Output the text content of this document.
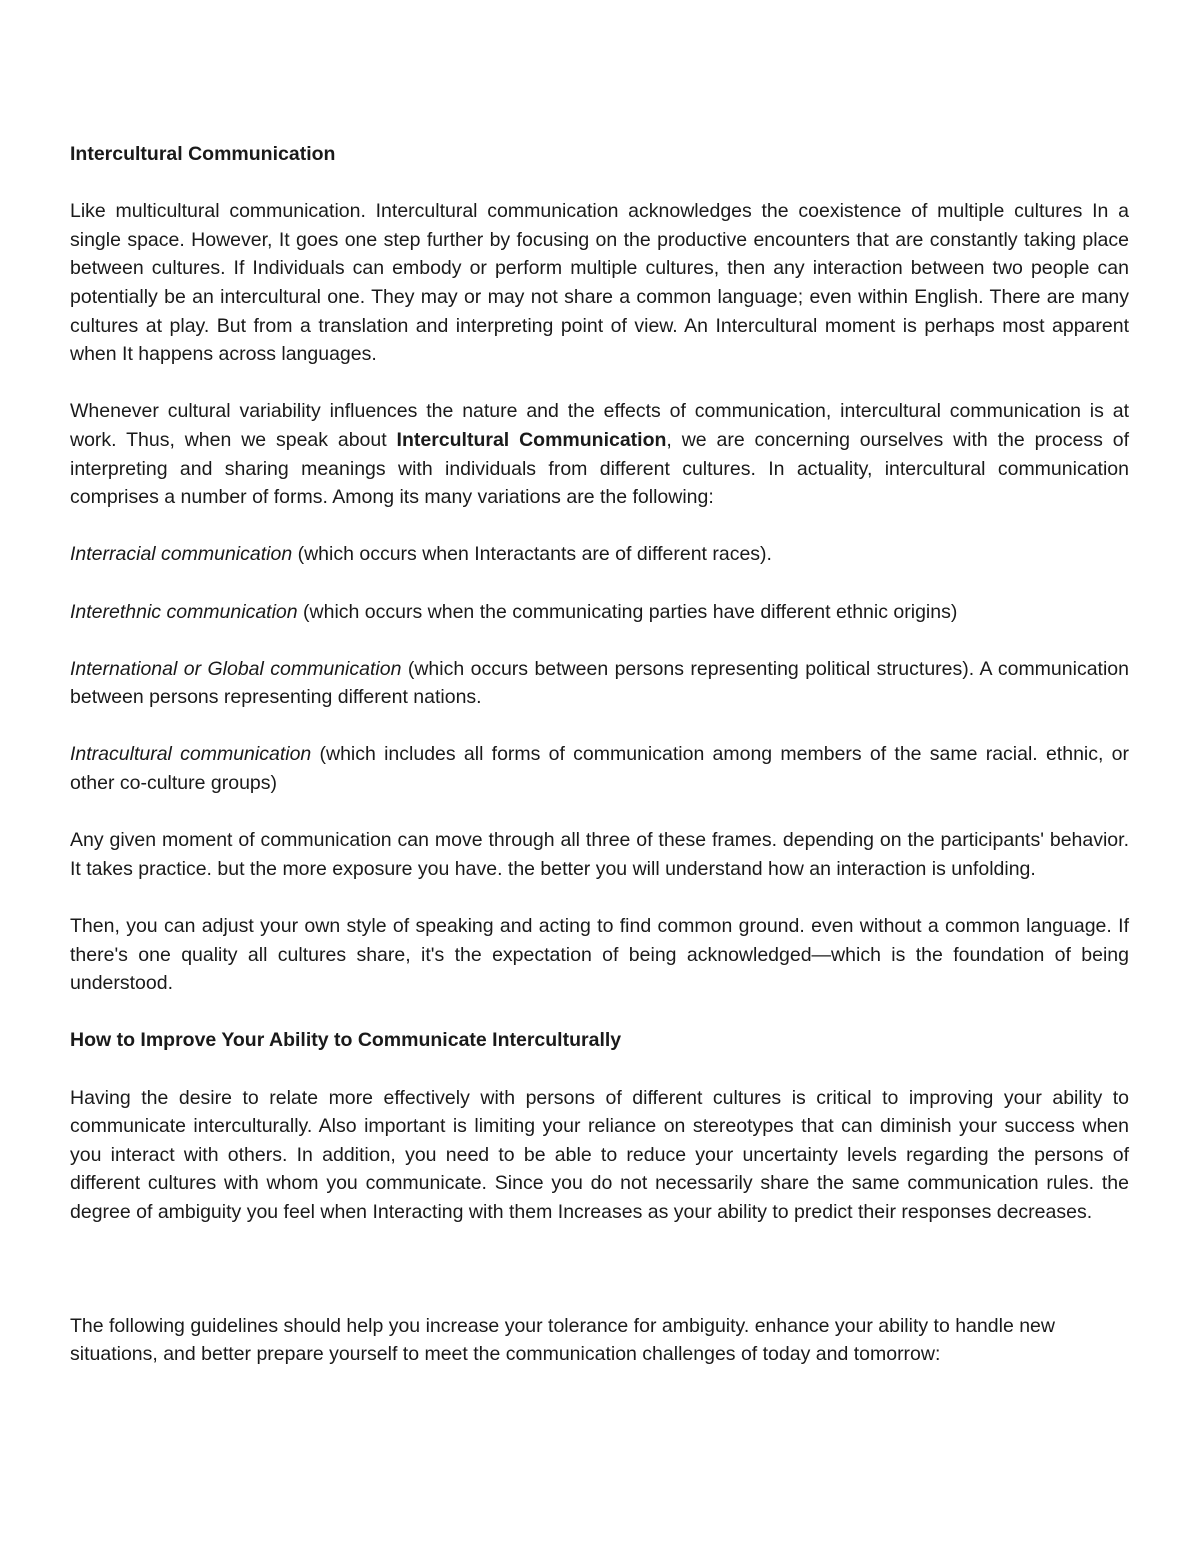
Intercultural Communication

Like multicultural communication. Intercultural communication acknowledges the coexistence of multiple cultures In a single space. However, It goes one step further by focusing on the productive encounters that are constantly taking place between cultures. If Individuals can embody or perform multiple cultures, then any interaction between two people can potentially be an intercultural one. They may or may not share a common language; even within English. There are many cultures at play. But from a translation and interpreting point of view. An Intercultural moment is perhaps most apparent when It happens across languages.

Whenever cultural variability influences the nature and the effects of communication, intercultural communication is at work. Thus, when we speak about Intercultural Communication, we are concerning ourselves with the process of interpreting and sharing meanings with individuals from different cultures. In actuality, intercultural communication comprises a number of forms. Among its many variations are the following:

Interracial communication (which occurs when Interactants are of different races).

Interethnic communication (which occurs when the communicating parties have different ethnic origins)

International or Global communication (which occurs between persons representing political structures). A communication between persons representing different nations.

Intracultural communication (which includes all forms of communication among members of the same racial. ethnic, or other co-culture groups)

Any given moment of communication can move through all three of these frames. depending on the participants' behavior. It takes practice. but the more exposure you have. the better you will understand how an interaction is unfolding.

Then, you can adjust your own style of speaking and acting to find common ground. even without a common language. If there's one quality all cultures share, it's the expectation of being acknowledged—which is the foundation of being understood.

How to Improve Your Ability to Communicate Interculturally

Having the desire to relate more effectively with persons of different cultures is critical to improving your ability to communicate interculturally. Also important is limiting your reliance on stereotypes that can diminish your success when you interact with others. In addition, you need to be able to reduce your uncertainty levels regarding the persons of different cultures with whom you communicate. Since you do not necessarily share the same communication rules. the degree of ambiguity you feel when Interacting with them Increases as your ability to predict their responses decreases.

The following guidelines should help you increase your tolerance for ambiguity. enhance your ability to handle new situations, and better prepare yourself to meet the communication challenges of today and tomorrow:
